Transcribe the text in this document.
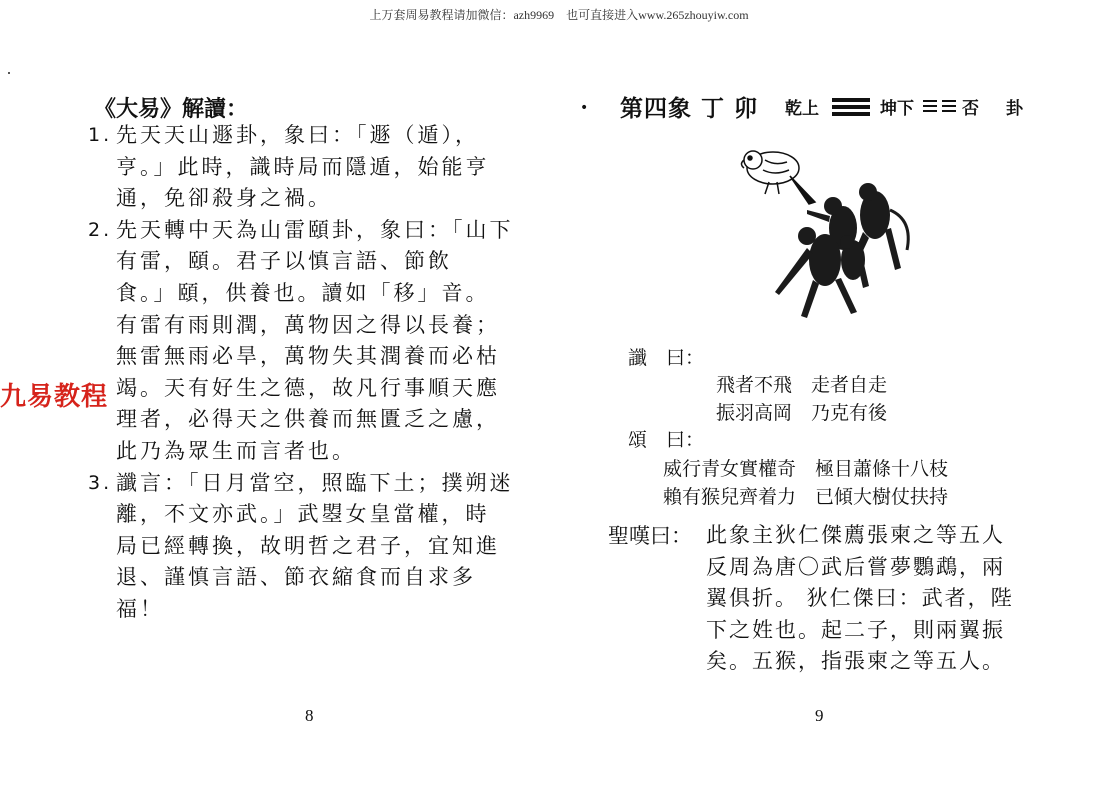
上万套周易教程请加微信：azh9969　也可直接进入www.265zhouyiw.com
《大易》解讀：
1. 先天天山遯卦，象曰：「遯（遁），
亨。」此時，識時局而隱遁，始能亨
通，免卻殺身之禍。
2. 先天轉中天為山雷頤卦，象曰：「山下
有雷，頤。君子以慎言語、節飲
食。」頤，供養也。讀如「移」音。
有雷有雨則潤，萬物因之得以長養；
無雷無雨必旱，萬物失其潤養而必枯
竭。天有好生之德，故凡行事順天應
理者，必得天之供養而無匱乏之慮，
此乃為眾生而言者也。
3. 讖言：「日月當空，照臨下土；撲朔迷
離，不文亦武。」武曌女皇當權，時
局已經轉換，故明哲之君子，宜知進
退、謹慎言語、節衣縮食而自求多
福！
九易教程
8
• 第四象 丁 卯 乾上	坤下	否 卦
讖　曰：
飛者不飛　走者自走
振羽高岡　乃克有後
頌　曰：
威行青女實權奇　極目蕭條十八枝
賴有猴兒齊着力　已傾大樹仗扶持
聖嘆曰： 此象主狄仁傑薦張柬之等五人
反周為唐〇武后嘗夢鸚鵡，兩
翼俱折。 狄仁傑曰：武者，陛
下之姓也。起二子，則兩翼振
矣。五猴，指張柬之等五人。
9
